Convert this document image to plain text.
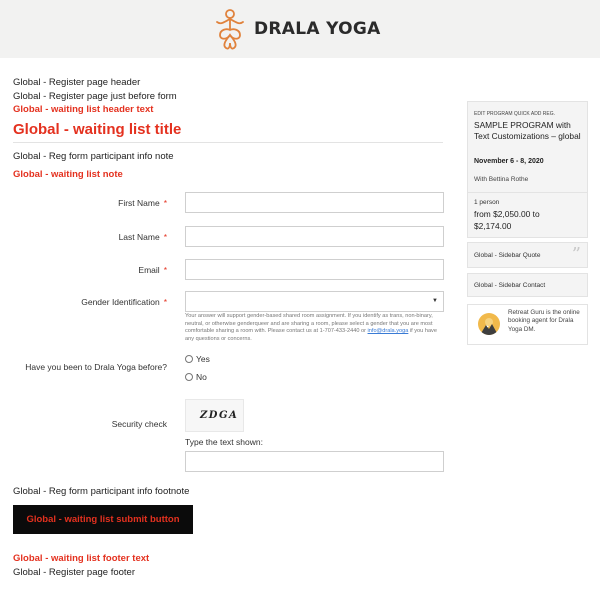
DRALA YOGA
Global - Register page header
Global - Register page just before form
Global - waiting list header text
Global - waiting list title
Global - Reg form participant info note
Global - waiting list note
First Name *
Last Name *
Email *
Gender Identification *	▼
Your answer will support gender-based shared room assignment. If you identify as trans, non-binary, neutral, or otherwise genderqueer and are sharing a room, please select a gender that you are most comfortable sharing a room with. Please contact us at 1-707-433-2440 or info@drala.yoga if you have any questions or concerns.
Have you been to Drala Yoga before?
Yes
No
Security check
ZDGA
Type the text shown:
Global - Reg form participant info footnote
Global - waiting list submit button
Global - waiting list footer text
Global - Register page footer
EDIT PROGRAM QUICK ADD REG.
SAMPLE PROGRAM with Text Customizations – global
November 6 - 8, 2020
With Bettina Rothe
1 person
from $2,050.00 to $2,174.00
Global - Sidebar Quote ”
Global - Sidebar Contact
Retreat Guru is the online booking agent for Drala Yoga DM.
